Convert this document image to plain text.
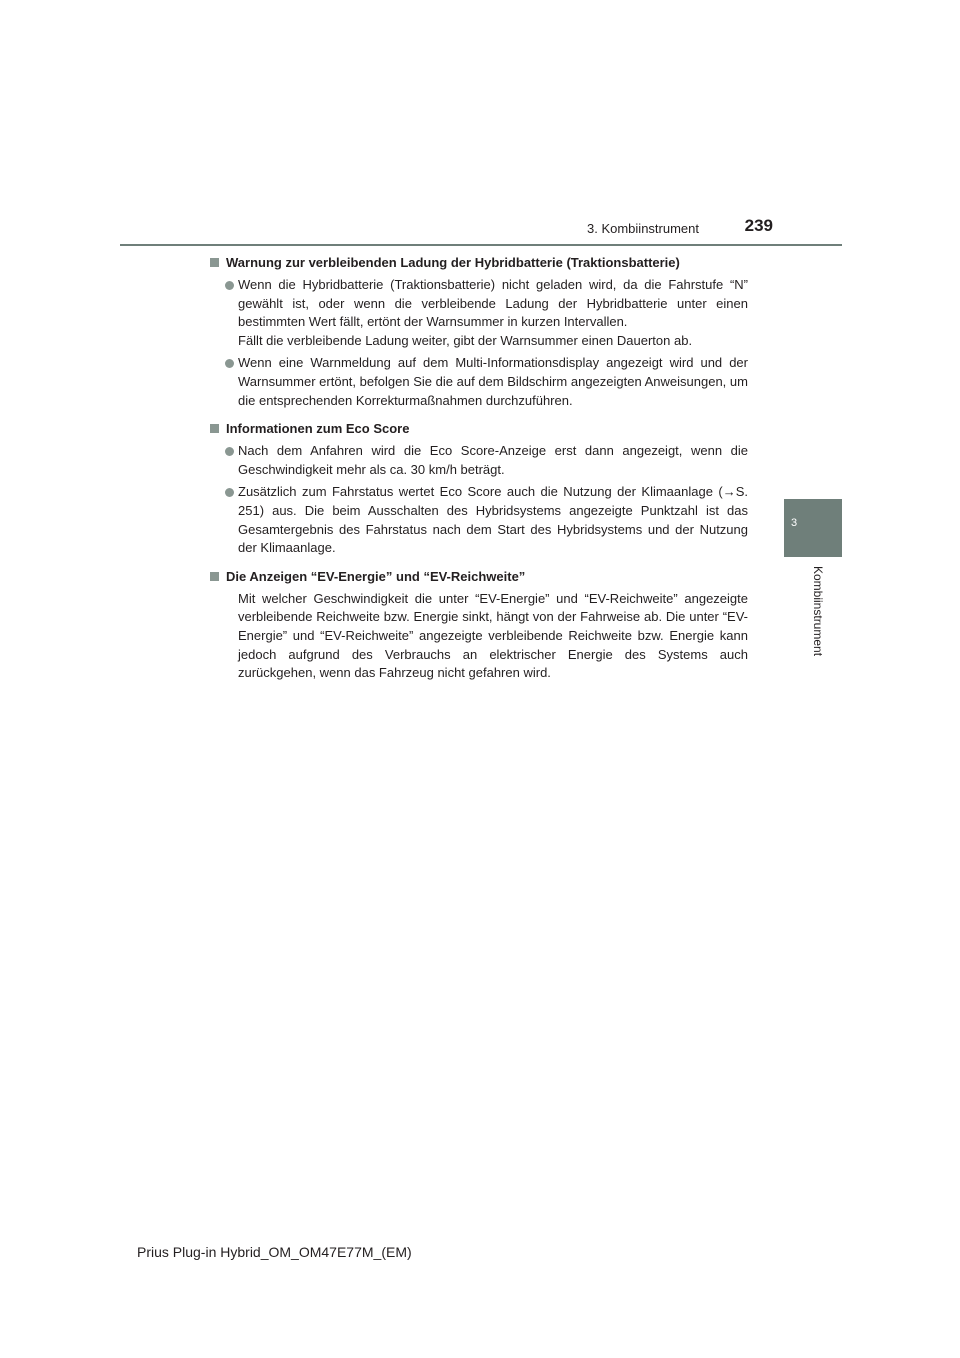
3. Kombiinstrument	239
3
Kombiinstrument
Warnung zur verbleibenden Ladung der Hybridbatterie (Traktionsbatterie)
Wenn die Hybridbatterie (Traktionsbatterie) nicht geladen wird, da die Fahrstufe “N” gewählt ist, oder wenn die verbleibende Ladung der Hybridbatterie unter einen bestimmten Wert fällt, ertönt der Warnsummer in kurzen Intervallen.
Fällt die verbleibende Ladung weiter, gibt der Warnsummer einen Dauerton ab.
Wenn eine Warnmeldung auf dem Multi-Informationsdisplay angezeigt wird und der Warnsummer ertönt, befolgen Sie die auf dem Bildschirm angezeigten Anweisungen, um die entsprechenden Korrekturmaßnahmen durchzuführen.
Informationen zum Eco Score
Nach dem Anfahren wird die Eco Score-Anzeige erst dann angezeigt, wenn die Geschwindigkeit mehr als ca. 30 km/h beträgt.
Zusätzlich zum Fahrstatus wertet Eco Score auch die Nutzung der Klimaanlage (→S. 251) aus. Die beim Ausschalten des Hybridsystems angezeigte Punktzahl ist das Gesamtergebnis des Fahrstatus nach dem Start des Hybridsystems und der Nutzung der Klimaanlage.
Die Anzeigen “EV-Energie” und “EV-Reichweite”
Mit welcher Geschwindigkeit die unter “EV-Energie” und “EV-Reichweite” angezeigte verbleibende Reichweite bzw. Energie sinkt, hängt von der Fahrweise ab. Die unter “EV-Energie” und “EV-Reichweite” angezeigte verbleibende Reichweite bzw. Energie kann jedoch aufgrund des Verbrauchs an elektrischer Energie des Systems auch zurückgehen, wenn das Fahrzeug nicht gefahren wird.
Prius Plug-in Hybrid_OM_OM47E77M_(EM)
